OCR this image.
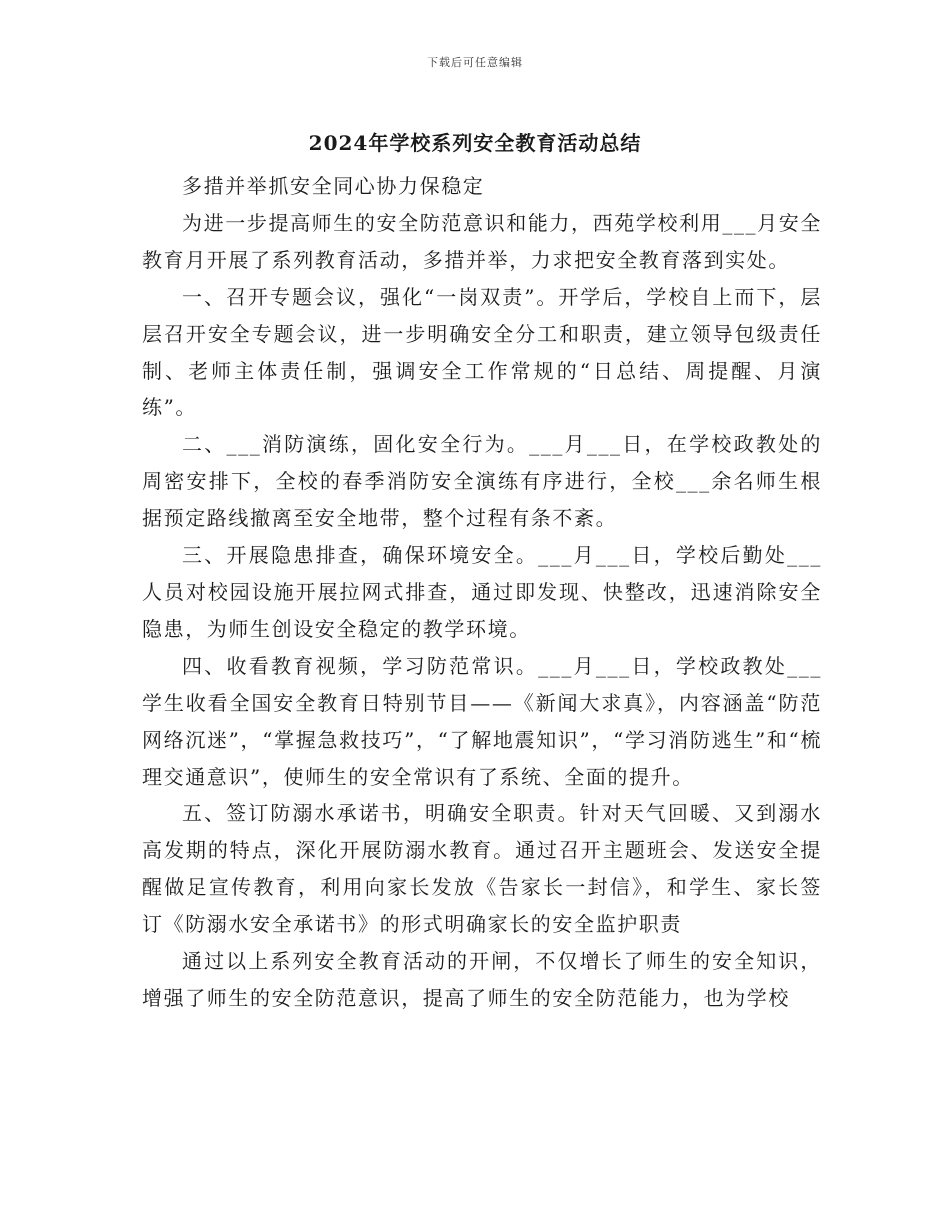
下载后可任意编辑
2024年学校系列安全教育活动总结

多措并举抓安全同心协力保稳定

为进一步提高师生的安全防范意识和能力，西苑学校利用___月安全教育月开展了系列教育活动，多措并举，力求把安全教育落到实处。

一、召开专题会议，强化“一岗双责”。开学后，学校自上而下，层层召开安全专题会议，进一步明确安全分工和职责，建立领导包级责任制、老师主体责任制，强调安全工作常规的“日总结、周提醒、月演练”。

二、___消防演练，固化安全行为。___月___日，在学校政教处的周密安排下，全校的春季消防安全演练有序进行，全校___余名师生根据预定路线撤离至安全地带，整个过程有条不紊。

三、开展隐患排查，确保环境安全。___月___日，学校后勤处___人员对校园设施开展拉网式排查，通过即发现、快整改，迅速消除安全隐患，为师生创设安全稳定的教学环境。

四、收看教育视频，学习防范常识。___月___日，学校政教处___学生收看全国安全教育日特别节目——《新闻大求真》，内容涵盖“防范网络沉迷”，“掌握急救技巧”，“了解地震知识”，“学习消防逃生”和“梳理交通意识”，使师生的安全常识有了系统、全面的提升。

五、签订防溺水承诺书，明确安全职责。针对天气回暖、又到溺水高发期的特点，深化开展防溺水教育。通过召开主题班会、发送安全提醒做足宣传教育，利用向家长发放《告家长一封信》，和学生、家长签订《防溺水安全承诺书》的形式明确家长的安全监护职责

通过以上系列安全教育活动的开闸，不仅增长了师生的安全知识，增强了师生的安全防范意识，提高了师生的安全防范能力，也为学校
